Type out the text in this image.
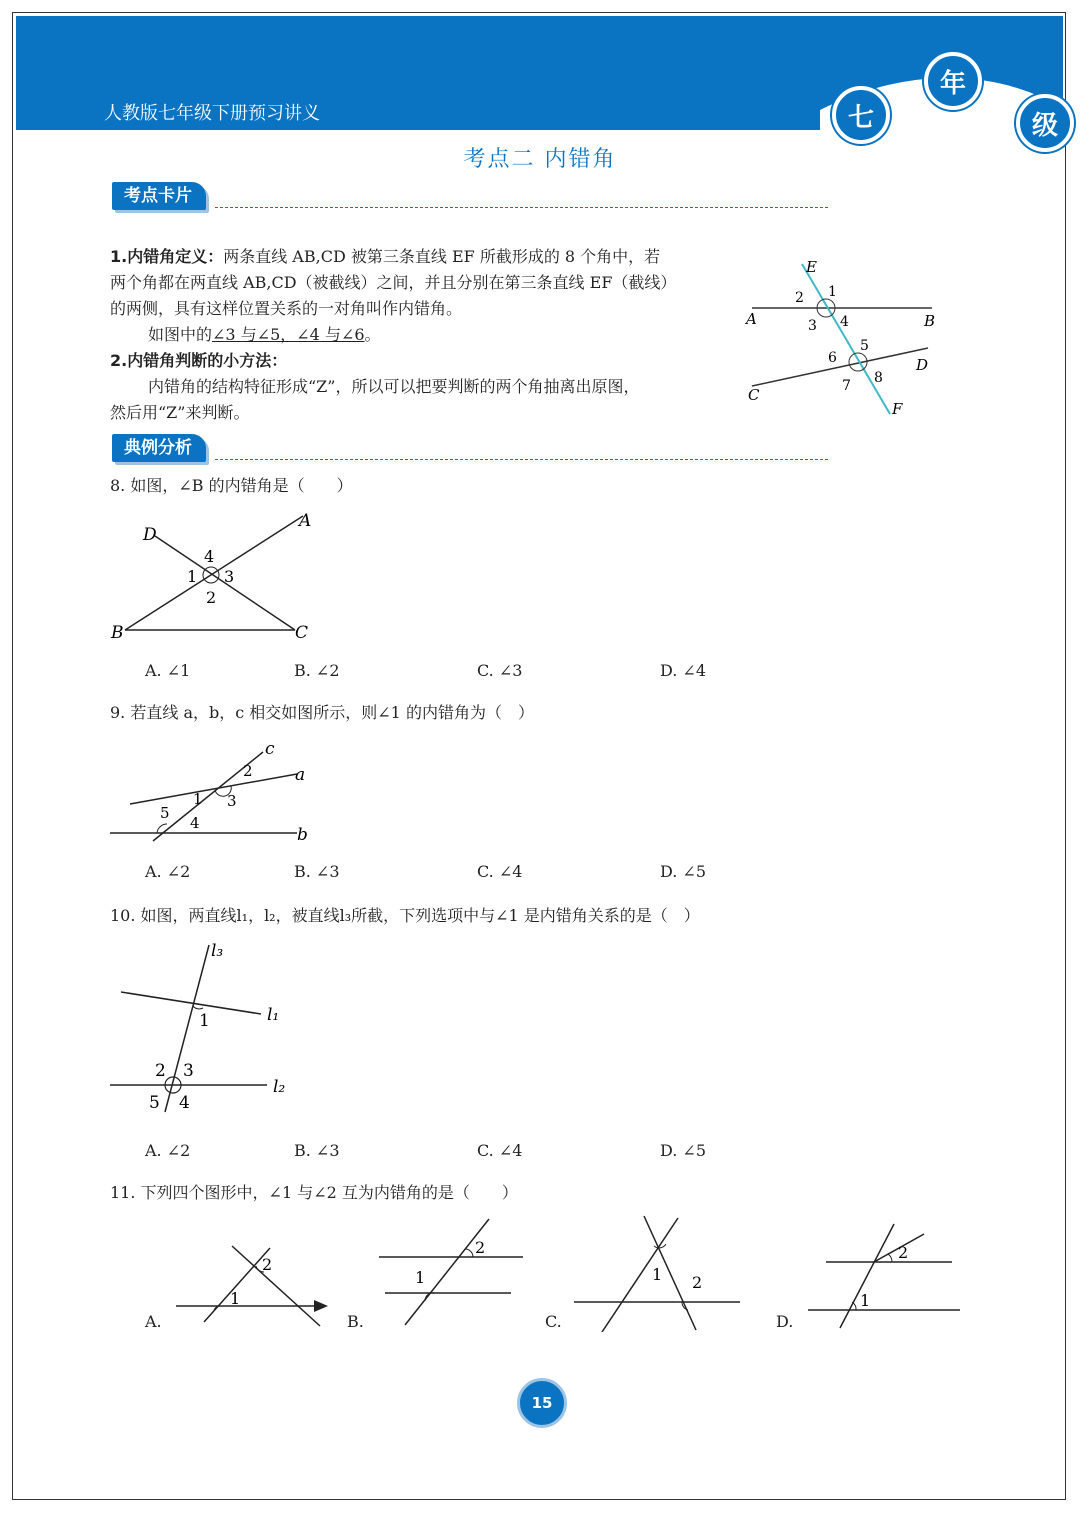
人教版七年级下册预习讲义	七
年
级
考点二 内错角
考点卡片
1.内错角定义：两条直线 AB,CD 被第三条直线 EF 所截形成的 8 个角中，若
两个角都在两直线 AB,CD（被截线）之间，并且分别在第三条直线 EF（截线）
的两侧，具有这样位置关系的一对角叫作内错角。
如图中的∠3 与∠5，∠4 与∠6。
2.内错角判断的小方法：
内错角的结构特征形成“Z”，所以可以把要判断的两个角抽离出原图，
然后用“Z”来判断。
E
F
A	B
C
D
1
2
3 4
5
6
7 8
典例分析
8. 如图，∠B 的内错角是（　　）
D
A
B	C
4
1 3
2
A. ∠1	B. ∠2	C. ∠3	D. ∠4
9. 若直线 a，b，c 相交如图所示，则∠1 的内错角为（　）
c
a
b
2
1 3
5
4
A. ∠2	B. ∠3	C. ∠4	D. ∠5
10. 如图，两直线l₁，l₂，被直线l₃所截，下列选项中与∠1 是内错角关系的是（　）
l₃
l₁
l₂
1
2 3
5 4
A. ∠2	B. ∠3	C. ∠4	D. ∠5
11. 下列四个图形中，∠1 与∠2 互为内错角的是（　　）
A.
1
2
B.
2
1
C.
1 2
D.
2
1
15
